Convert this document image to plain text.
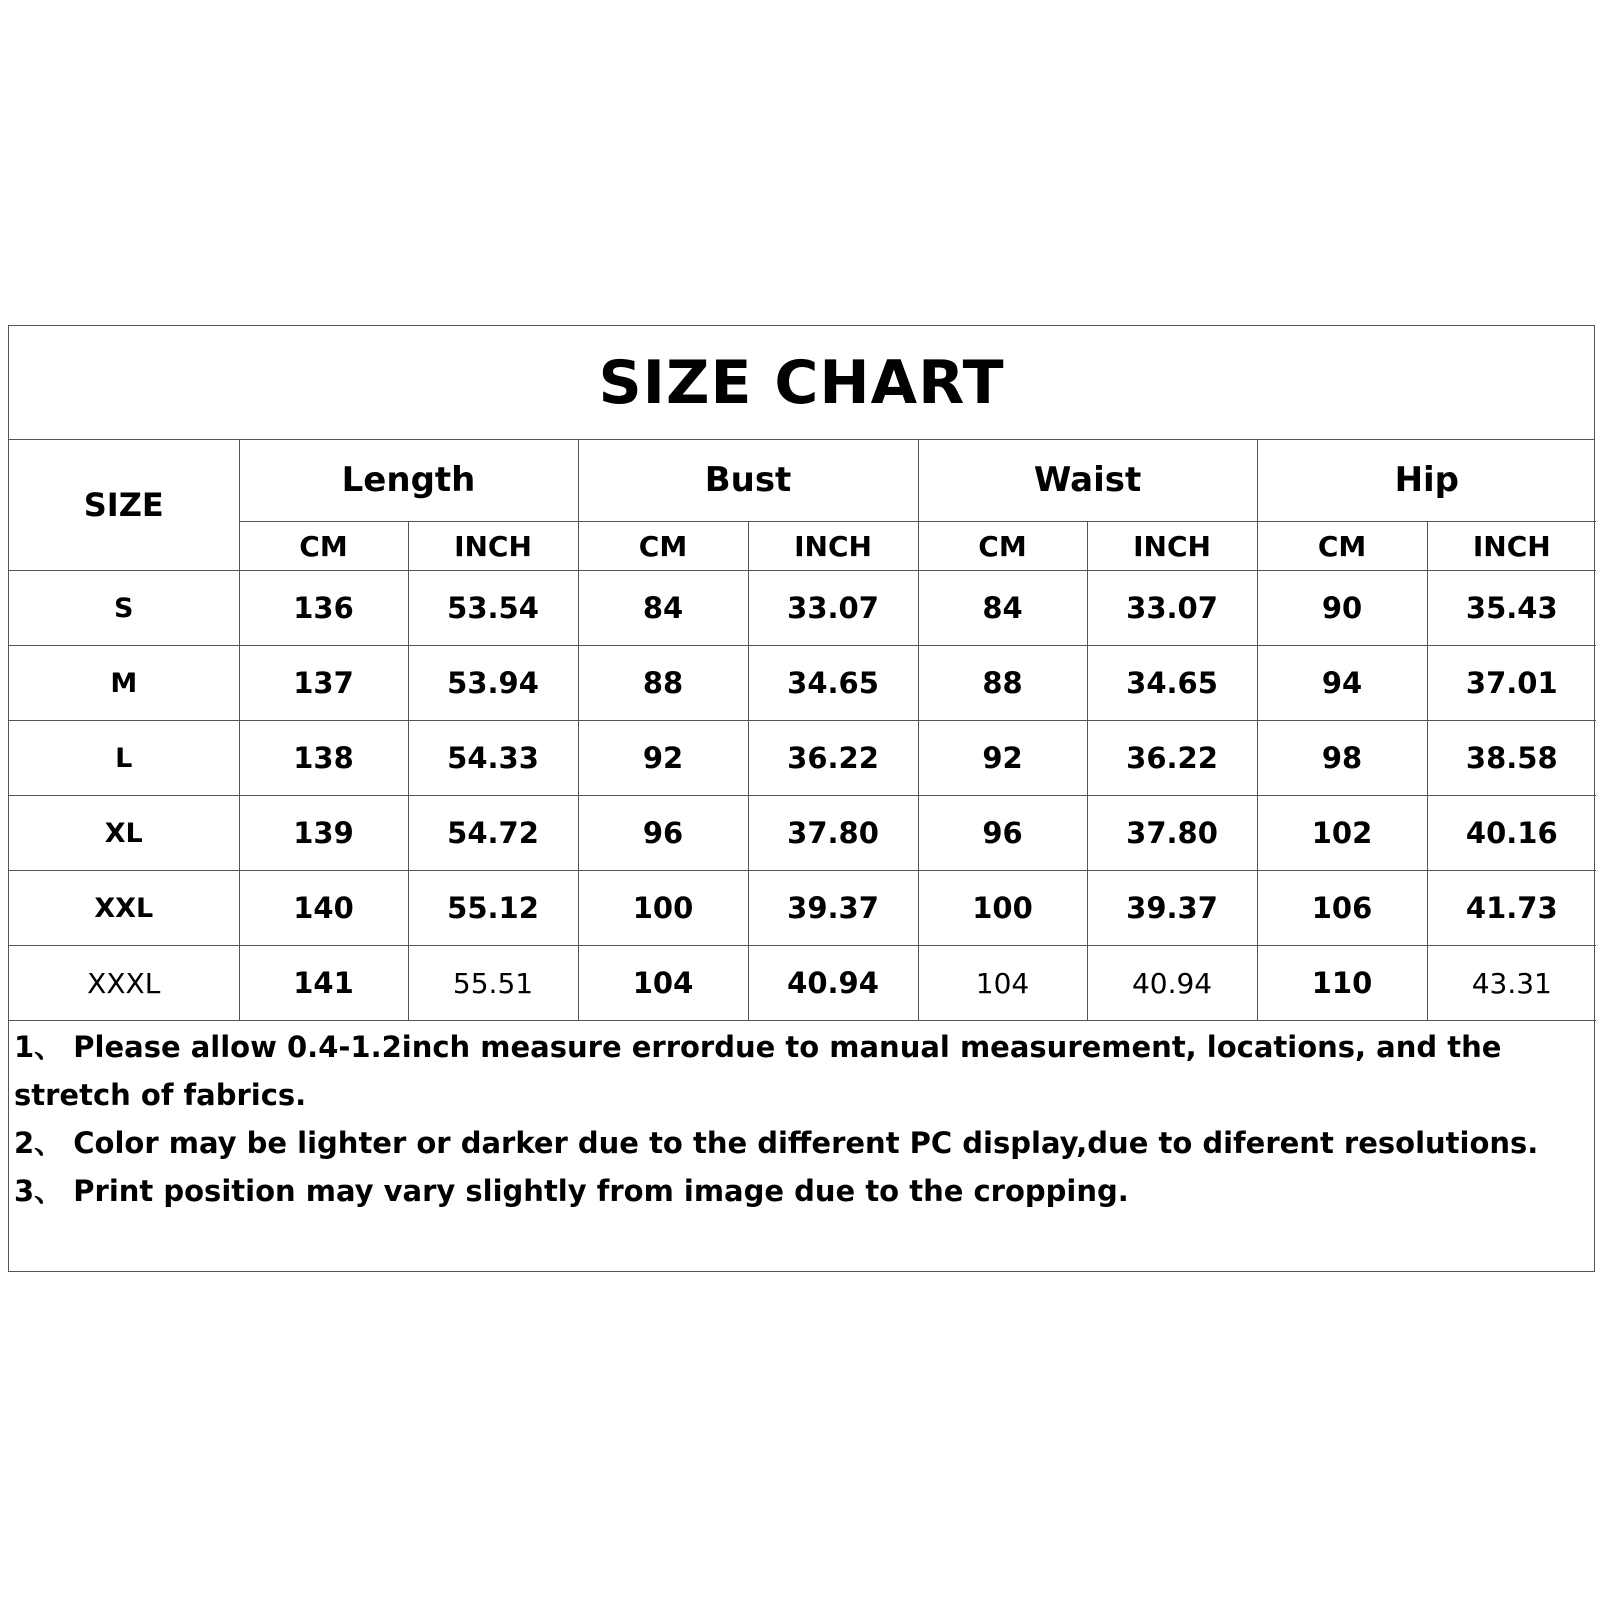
SIZE CHART
SIZE	Length		Bust		Waist		Hip	
	CM	INCH	CM	INCH	CM	INCH	CM	INCH
S	136	53.54	84	33.07	84	33.07	90	35.43
M	137	53.94	88	34.65	88	34.65	94	37.01
L	138	54.33	92	36.22	92	36.22	98	38.58
XL	139	54.72	96	37.80	96	37.80	102	40.16
XXL	140	55.12	100	39.37	100	39.37	106	41.73
XXXL	141	55.51	104	40.94	104	40.94	110	43.31

1、 Please allow 0.4-1.2inch measure errordue to manual measurement, locations, and the stretch of fabrics.

2、 Color may be lighter or darker due to the different PC display,due to diferent resolutions.

3、 Print position may vary slightly from image due to the cropping.
